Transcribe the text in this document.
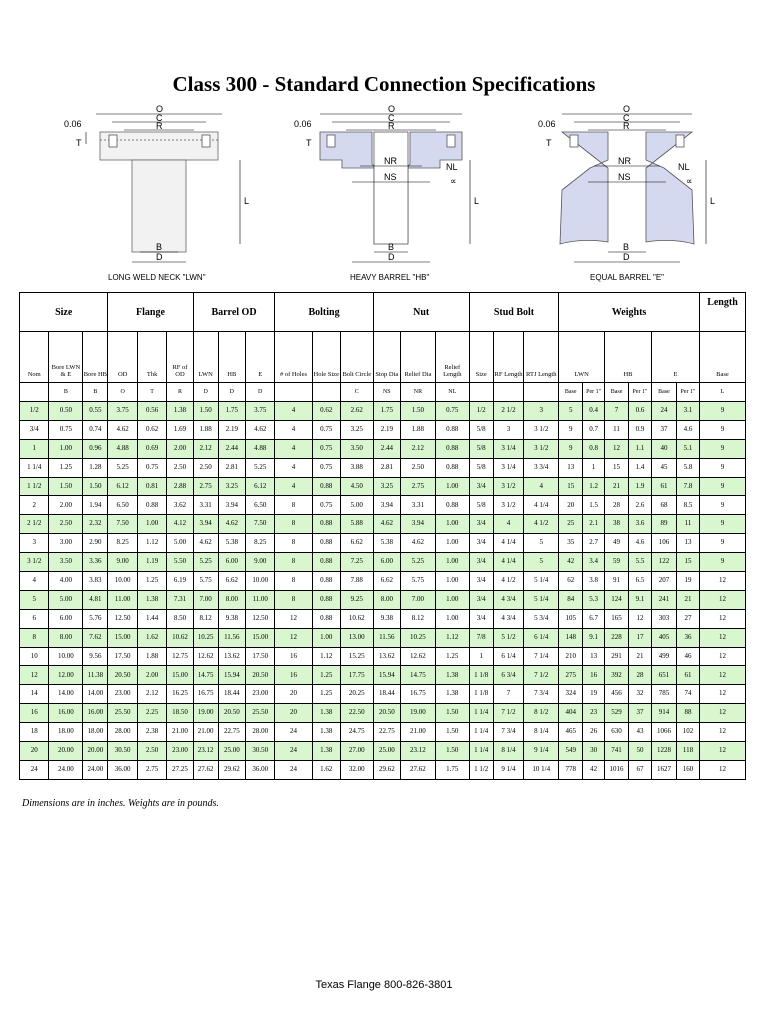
Class 300 - Standard Connection Specifications
0.06
O
C
R
T
L
B
D
LONG WELD NECK "LWN"
0.06
O
C
R
T
NR
NS
NL
∝
L
B
D
HEAVY BARREL "HB"
0.06
O
C
R
T
NR
NS
NL
∝
L
B
D
EQUAL BARREL "E"
Size			Flange			Barrel OD			Bolting			Nut			Stud Bolt			Weights						Length
Nom	Bore LWN & E	Bore HB	OD	Thk	RF of OD	LWN	HB	E	# of Holes	Hole Size	Bolt Circle	Stop Dia	Relief Dia	Relief Length	Size	RF Length	RTJ Length	LWN		HB		E		Base
	B	B	O	T	R	D	D	D			C	NS	NR	NL				Base	Per 1"	Base	Per 1"	Base	Per 1"	L
1/2	0.50	0.55	3.75	0.56	1.38	1.50	1.75	3.75	4	0.62	2.62	1.75	1.50	0.75	1/2	2 1/2	3	5	0.4	7	0.6	24	3.1	9
3/4	0.75	0.74	4.62	0.62	1.69	1.88	2.19	4.62	4	0.75	3.25	2.19	1.88	0.88	5/8	3	3 1/2	9	0.7	11	0.9	37	4.6	9
1	1.00	0.96	4.88	0.69	2.00	2.12	2.44	4.88	4	0.75	3.50	2.44	2.12	0.88	5/8	3 1/4	3 1/2	9	0.8	12	1.1	40	5.1	9
1 1/4	1.25	1.28	5.25	0.75	2.50	2.50	2.81	5.25	4	0.75	3.88	2.81	2.50	0.88	5/8	3 1/4	3 3/4	13	1	15	1.4	45	5.8	9
1 1/2	1.50	1.50	6.12	0.81	2.88	2.75	3.25	6.12	4	0.88	4.50	3.25	2.75	1.00	3/4	3 1/2	4	15	1.2	21	1.9	61	7.8	9
2	2.00	1.94	6.50	0.88	3.62	3.31	3.94	6.50	8	0.75	5.00	3.94	3.31	0.88	5/8	3 1/2	4 1/4	20	1.5	28	2.6	68	8.5	9
2 1/2	2.50	2.32	7.50	1.00	4.12	3.94	4.62	7.50	8	0.88	5.88	4.62	3.94	1.00	3/4	4	4 1/2	25	2.1	38	3.6	89	11	9
3	3.00	2.90	8.25	1.12	5.00	4.62	5.38	8.25	8	0.88	6.62	5.38	4.62	1.00	3/4	4 1/4	5	35	2.7	49	4.6	106	13	9
3 1/2	3.50	3.36	9.00	1.19	5.50	5.25	6.00	9.00	8	0.88	7.25	6.00	5.25	1.00	3/4	4 1/4	5	42	3.4	59	5.5	122	15	9
4	4.00	3.83	10.00	1.25	6.19	5.75	6.62	10.00	8	0.88	7.88	6.62	5.75	1.00	3/4	4 1/2	5 1/4	62	3.8	91	6.5	207	19	12
5	5.00	4.81	11.00	1.38	7.31	7.00	8.00	11.00	8	0.88	9.25	8.00	7.00	1.00	3/4	4 3/4	5 1/4	84	5.3	124	9.1	241	21	12
6	6.00	5.76	12.50	1.44	8.50	8.12	9.38	12.50	12	0.88	10.62	9.38	8.12	1.00	3/4	4 3/4	5 3/4	105	6.7	165	12	303	27	12
8	8.00	7.62	15.00	1.62	10.62	10.25	11.56	15.00	12	1.00	13.00	11.56	10.25	1.12	7/8	5 1/2	6 1/4	148	9.1	228	17	405	36	12
10	10.00	9.56	17.50	1.88	12.75	12.62	13.62	17.50	16	1.12	15.25	13.62	12.62	1.25	1	6 1/4	7 1/4	210	13	291	21	499	46	12
12	12.00	11.38	20.50	2.00	15.00	14.75	15.94	20.50	16	1.25	17.75	15.94	14.75	1.38	1 1/8	6 3/4	7 1/2	275	16	392	28	651	61	12
14	14.00	14.00	23.00	2.12	16.25	16.75	18.44	23.00	20	1.25	20.25	18.44	16.75	1.38	1 1/8	7	7 3/4	324	19	456	32	785	74	12
16	16.00	16.00	25.50	2.25	18.50	19.00	20.50	25.50	20	1.38	22.50	20.50	19.00	1.50	1 1/4	7 1/2	8 1/2	404	23	529	37	914	88	12
18	18.00	18.00	28.00	2.38	21.00	21.00	22.75	28.00	24	1.38	24.75	22.75	21.00	1.50	1 1/4	7 3/4	8 1/4	465	26	630	43	1066	102	12
20	20.00	20.00	30.50	2.50	23.00	23.12	25.00	30.50	24	1.38	27.00	25.00	23.12	1.50	1 1/4	8 1/4	9 1/4	549	30	741	50	1228	118	12
24	24.00	24.00	36.00	2.75	27.25	27.62	29.62	36.00	24	1.62	32.00	29.62	27.62	1.75	1 1/2	9 1/4	10 1/4	778	42	1016	67	1627	160	12
Dimensions are in inches. Weights are in pounds.
Texas Flange 800-826-3801
